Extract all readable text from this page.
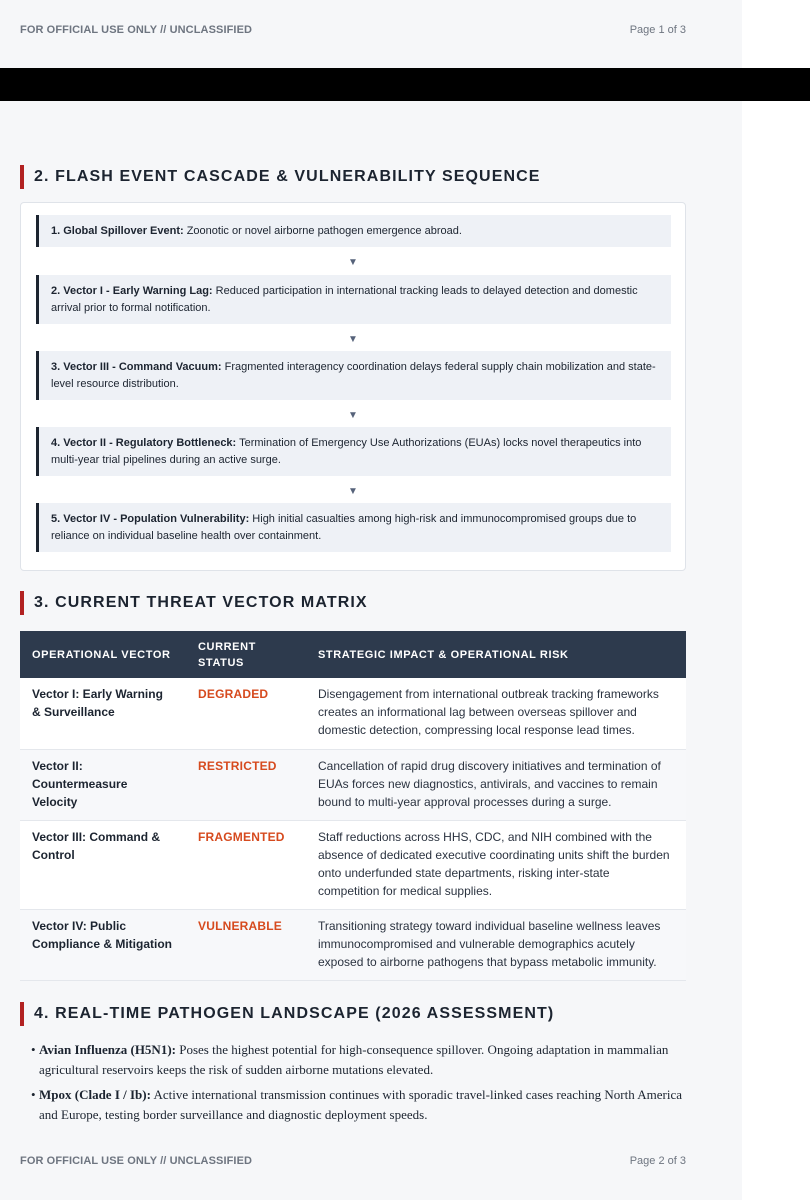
FOR OFFICIAL USE ONLY // UNCLASSIFIED	Page 1 of 3
2. FLASH EVENT CASCADE & VULNERABILITY SEQUENCE

1. Global Spillover Event: Zoonotic or novel airborne pathogen emergence abroad.

▼

2. Vector I - Early Warning Lag: Reduced participation in international tracking leads to delayed detection and domestic arrival prior to formal notification.

▼

3. Vector III - Command Vacuum: Fragmented interagency coordination delays federal supply chain mobilization and state-level resource distribution.

▼

4. Vector II - Regulatory Bottleneck: Termination of Emergency Use Authorizations (EUAs) locks novel therapeutics into multi-year trial pipelines during an active surge.

▼

5. Vector IV - Population Vulnerability: High initial casualties among high-risk and immunocompromised groups due to reliance on individual baseline health over containment.

3. CURRENT THREAT VECTOR MATRIX
OPERATIONAL VECTOR	CURRENT STATUS	STRATEGIC IMPACT & OPERATIONAL RISK
Vector I: Early Warning & Surveillance	DEGRADED	Disengagement from international outbreak tracking frameworks creates an informational lag between overseas spillover and domestic detection, compressing local response lead times.
Vector II: Countermeasure Velocity	RESTRICTED	Cancellation of rapid drug discovery initiatives and termination of EUAs forces new diagnostics, antivirals, and vaccines to remain bound to multi-year approval processes during a surge.
Vector III: Command & Control	FRAGMENTED	Staff reductions across HHS, CDC, and NIH combined with the absence of dedicated executive coordinating units shift the burden onto underfunded state departments, risking inter-state competition for medical supplies.
Vector IV: Public Compliance & Mitigation	VULNERABLE	Transitioning strategy toward individual baseline wellness leaves immunocompromised and vulnerable demographics acutely exposed to airborne pathogens that bypass metabolic immunity.
4. REAL-TIME PATHOGEN LANDSCAPE (2026 ASSESSMENT)
• Avian Influenza (H5N1): Poses the highest potential for high-consequence spillover. Ongoing adaptation in mammalian agricultural reservoirs keeps the risk of sudden airborne mutations elevated.
• Mpox (Clade I / Ib): Active international transmission continues with sporadic travel-linked cases reaching North America and Europe, testing border surveillance and diagnostic deployment speeds.
FOR OFFICIAL USE ONLY // UNCLASSIFIED	Page 2 of 3
